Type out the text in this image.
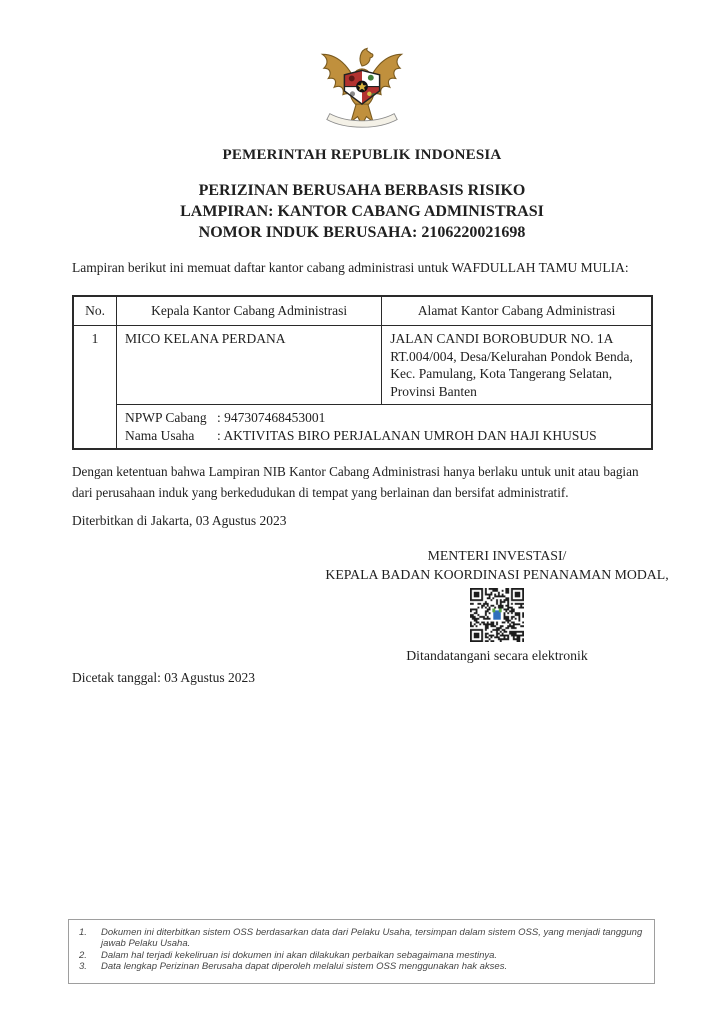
PEMERINTAH REPUBLIK INDONESIA
PERIZINAN BERUSAHA BERBASIS RISIKO
LAMPIRAN: KANTOR CABANG ADMINISTRASI
NOMOR INDUK BERUSAHA: 2106220021698
Lampiran berikut ini memuat daftar kantor cabang administrasi untuk WAFDULLAH TAMU MULIA:
No.	Kepala Kantor Cabang Administrasi	Alamat Kantor Cabang Administrasi
1	MICO KELANA PERDANA	JALAN CANDI BOROBUDUR NO. 1A RT.004/004, Desa/Kelurahan Pondok Benda, Kec. Pamulang, Kota Tangerang Selatan, Provinsi Banten

	NPWP Cabang : 947307468453001
Nama Usaha : AKTIVITAS BIRO PERJALANAN UMROH DAN HAJI KHUSUS	
Dengan ketentuan bahwa Lampiran NIB Kantor Cabang Administrasi hanya berlaku untuk unit atau bagian dari perusahaan induk yang berkedudukan di tempat yang berlainan dan bersifat administratif.
Diterbitkan di Jakarta, 03 Agustus 2023
MENTERI INVESTASI/
KEPALA BADAN KOORDINASI PENANAMAN MODAL,
Ditandatangani secara elektronik
Dicetak tanggal: 03 Agustus 2023
1.	Dokumen ini diterbitkan sistem OSS berdasarkan data dari Pelaku Usaha, tersimpan dalam sistem OSS, yang menjadi tanggung jawab Pelaku Usaha.
2.	Dalam hal terjadi kekeliruan isi dokumen ini akan dilakukan perbaikan sebagaimana mestinya.
3.	Data lengkap Perizinan Berusaha dapat diperoleh melalui sistem OSS menggunakan hak akses.
